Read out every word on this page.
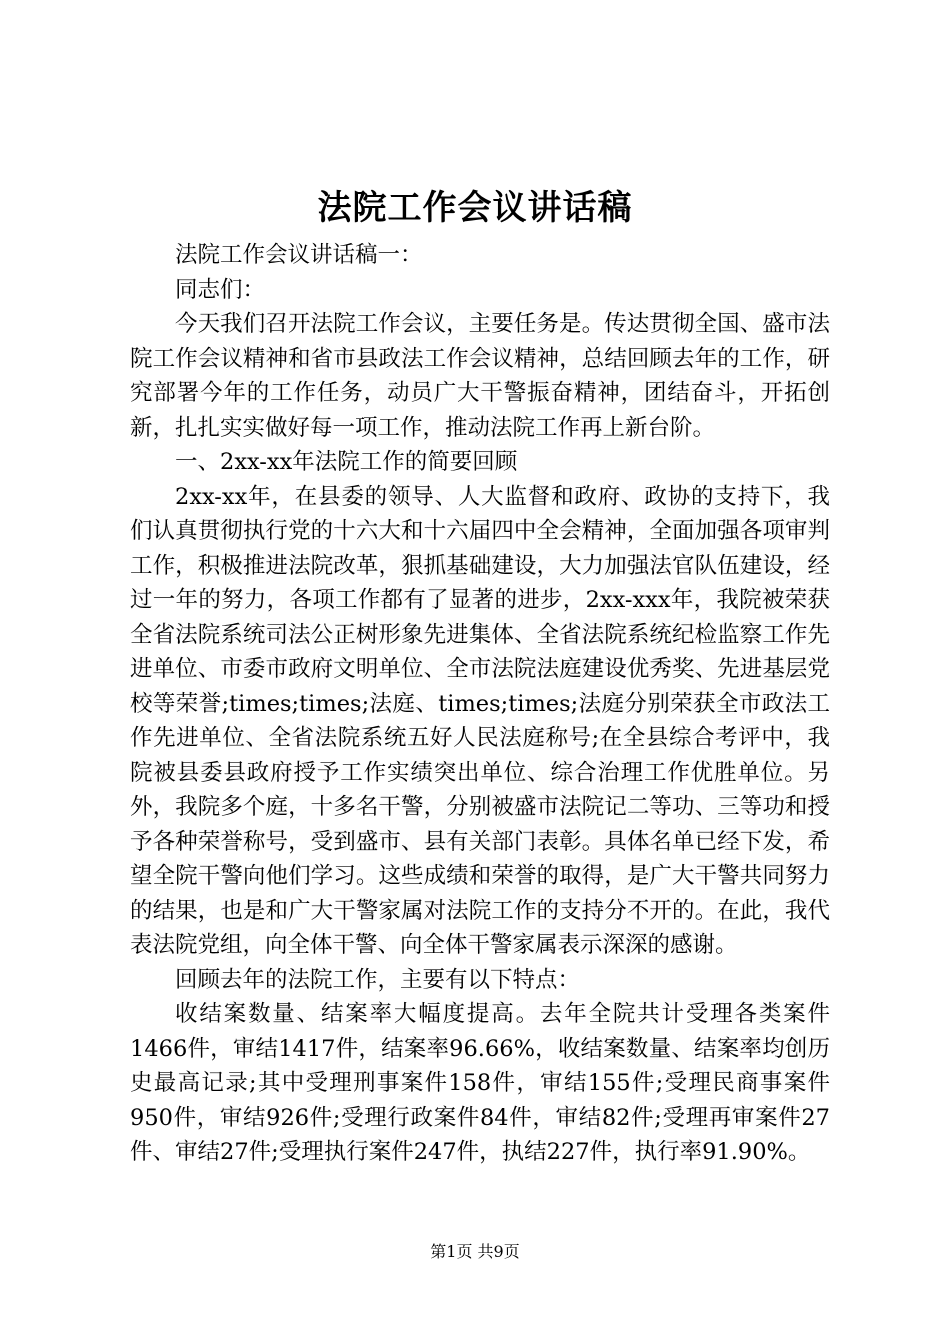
法院工作会议讲话稿

法院工作会议讲话稿一：

同志们：

今天我们召开法院工作会议，主要任务是。传达贯彻全国、盛市法院工作会议精神和省市县政法工作会议精神，总结回顾去年的工作，研究部署今年的工作任务，动员广大干警振奋精神，团结奋斗，开拓创新，扎扎实实做好每一项工作，推动法院工作再上新台阶。

一、2xx-xx年法院工作的简要回顾

2xx-xx年，在县委的领导、人大监督和政府、政协的支持下，我们认真贯彻执行党的十六大和十六届四中全会精神，全面加强各项审判工作，积极推进法院改革，狠抓基础建设，大力加强法官队伍建设，经过一年的努力，各项工作都有了显著的进步，2xx-xxx年，我院被荣获全省法院系统司法公正树形象先进集体、全省法院系统纪检监察工作先进单位、市委市政府文明单位、全市法院法庭建设优秀奖、先进基层党校等荣誉;times;times;法庭、times;times;法庭分别荣获全市政法工作先进单位、全省法院系统五好人民法庭称号;在全县综合考评中，我院被县委县政府授予工作实绩突出单位、综合治理工作优胜单位。另外，我院多个庭，十多名干警，分别被盛市法院记二等功、三等功和授予各种荣誉称号，受到盛市、县有关部门表彰。具体名单已经下发，希望全院干警向他们学习。这些成绩和荣誉的取得，是广大干警共同努力的结果，也是和广大干警家属对法院工作的支持分不开的。在此，我代表法院党组，向全体干警、向全体干警家属表示深深的感谢。

回顾去年的法院工作，主要有以下特点：

收结案数量、结案率大幅度提高。去年全院共计受理各类案件1466件，审结1417件，结案率96.66%，收结案数量、结案率均创历史最高记录;其中受理刑事案件158件，审结155件;受理民商事案件950件，审结926件;受理行政案件84件，审结82件;受理再审案件27件、审结27件;受理执行案件247件，执结227件，执行率91.90%。

第1页 共9页
